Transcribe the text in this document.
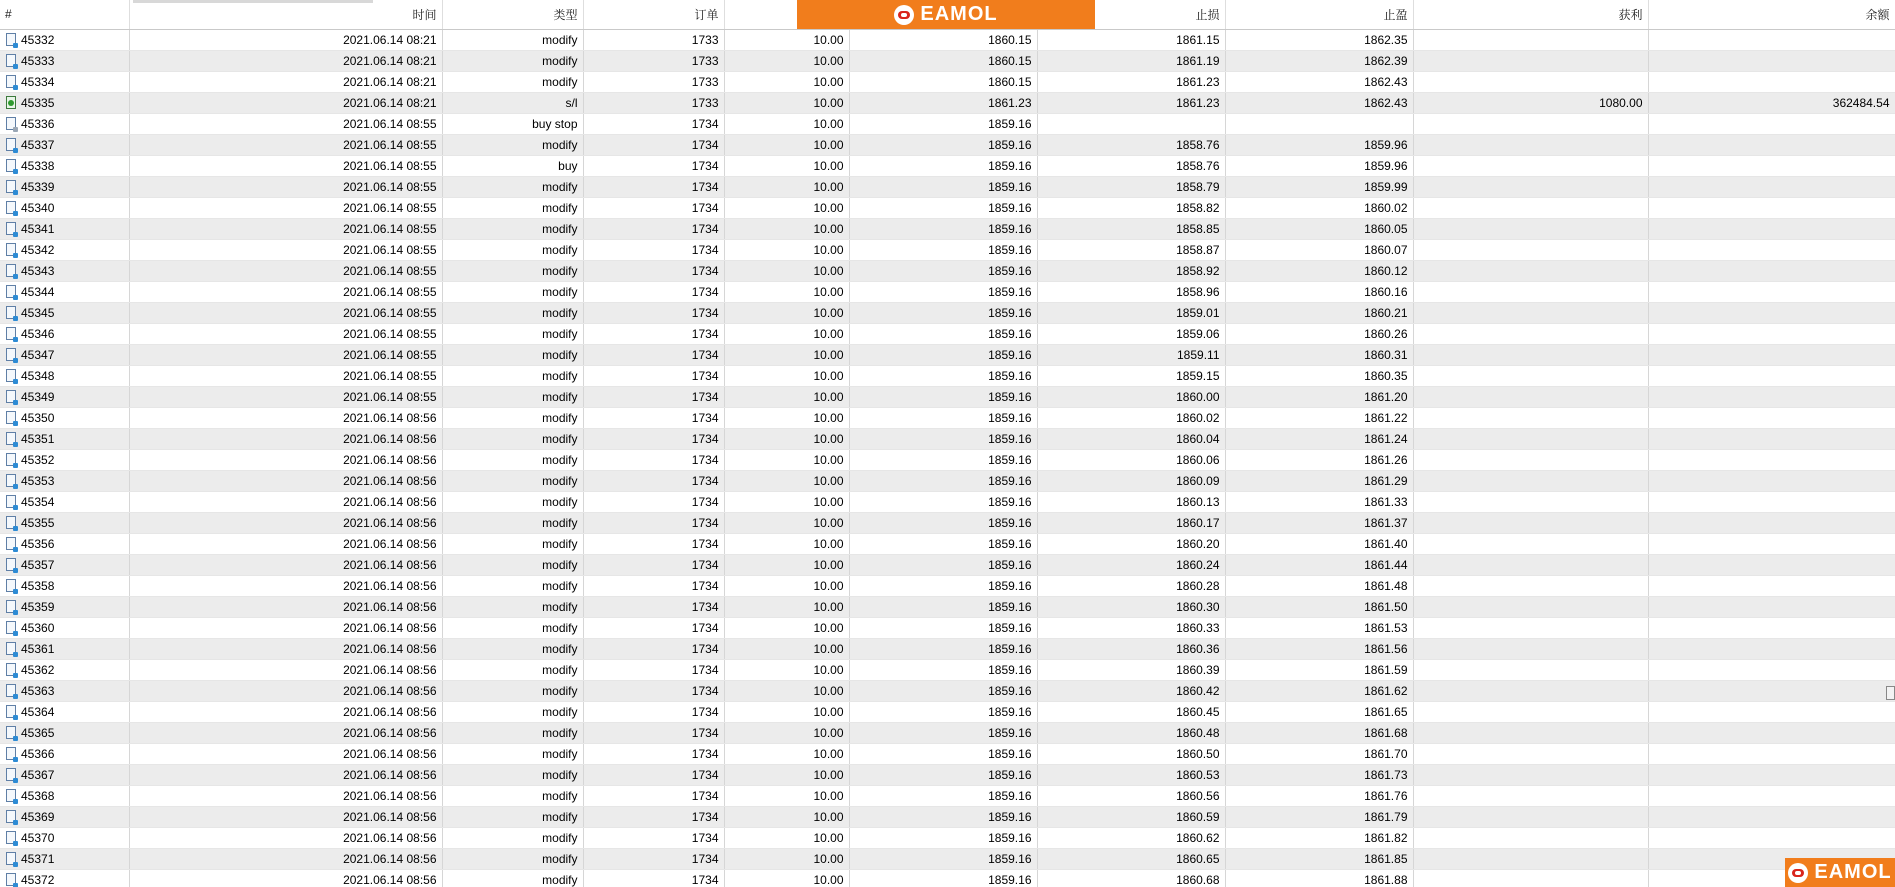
#	时间	类型	订单			止损	止盈	获利	余额
45332	2021.06.14 08:21	modify	1733	10.00	1860.15	1861.15	1862.35		
45333	2021.06.14 08:21	modify	1733	10.00	1860.15	1861.19	1862.39		
45334	2021.06.14 08:21	modify	1733	10.00	1860.15	1861.23	1862.43		
45335	2021.06.14 08:21	s/l	1733	10.00	1861.23	1861.23	1862.43	1080.00	362484.54
45336	2021.06.14 08:55	buy stop	1734	10.00	1859.16				
45337	2021.06.14 08:55	modify	1734	10.00	1859.16	1858.76	1859.96		
45338	2021.06.14 08:55	buy	1734	10.00	1859.16	1858.76	1859.96		
45339	2021.06.14 08:55	modify	1734	10.00	1859.16	1858.79	1859.99		
45340	2021.06.14 08:55	modify	1734	10.00	1859.16	1858.82	1860.02		
45341	2021.06.14 08:55	modify	1734	10.00	1859.16	1858.85	1860.05		
45342	2021.06.14 08:55	modify	1734	10.00	1859.16	1858.87	1860.07		
45343	2021.06.14 08:55	modify	1734	10.00	1859.16	1858.92	1860.12		
45344	2021.06.14 08:55	modify	1734	10.00	1859.16	1858.96	1860.16		
45345	2021.06.14 08:55	modify	1734	10.00	1859.16	1859.01	1860.21		
45346	2021.06.14 08:55	modify	1734	10.00	1859.16	1859.06	1860.26		
45347	2021.06.14 08:55	modify	1734	10.00	1859.16	1859.11	1860.31		
45348	2021.06.14 08:55	modify	1734	10.00	1859.16	1859.15	1860.35		
45349	2021.06.14 08:55	modify	1734	10.00	1859.16	1860.00	1861.20		
45350	2021.06.14 08:56	modify	1734	10.00	1859.16	1860.02	1861.22		
45351	2021.06.14 08:56	modify	1734	10.00	1859.16	1860.04	1861.24		
45352	2021.06.14 08:56	modify	1734	10.00	1859.16	1860.06	1861.26		
45353	2021.06.14 08:56	modify	1734	10.00	1859.16	1860.09	1861.29		
45354	2021.06.14 08:56	modify	1734	10.00	1859.16	1860.13	1861.33		
45355	2021.06.14 08:56	modify	1734	10.00	1859.16	1860.17	1861.37		
45356	2021.06.14 08:56	modify	1734	10.00	1859.16	1860.20	1861.40		
45357	2021.06.14 08:56	modify	1734	10.00	1859.16	1860.24	1861.44		
45358	2021.06.14 08:56	modify	1734	10.00	1859.16	1860.28	1861.48		
45359	2021.06.14 08:56	modify	1734	10.00	1859.16	1860.30	1861.50		
45360	2021.06.14 08:56	modify	1734	10.00	1859.16	1860.33	1861.53		
45361	2021.06.14 08:56	modify	1734	10.00	1859.16	1860.36	1861.56		
45362	2021.06.14 08:56	modify	1734	10.00	1859.16	1860.39	1861.59		
45363	2021.06.14 08:56	modify	1734	10.00	1859.16	1860.42	1861.62		
45364	2021.06.14 08:56	modify	1734	10.00	1859.16	1860.45	1861.65		
45365	2021.06.14 08:56	modify	1734	10.00	1859.16	1860.48	1861.68		
45366	2021.06.14 08:56	modify	1734	10.00	1859.16	1860.50	1861.70		
45367	2021.06.14 08:56	modify	1734	10.00	1859.16	1860.53	1861.73		
45368	2021.06.14 08:56	modify	1734	10.00	1859.16	1860.56	1861.76		
45369	2021.06.14 08:56	modify	1734	10.00	1859.16	1860.59	1861.79		
45370	2021.06.14 08:56	modify	1734	10.00	1859.16	1860.62	1861.82		
45371	2021.06.14 08:56	modify	1734	10.00	1859.16	1860.65	1861.85		
45372	2021.06.14 08:56	modify	1734	10.00	1859.16	1860.68	1861.88		
EAMOL
EAMOL
